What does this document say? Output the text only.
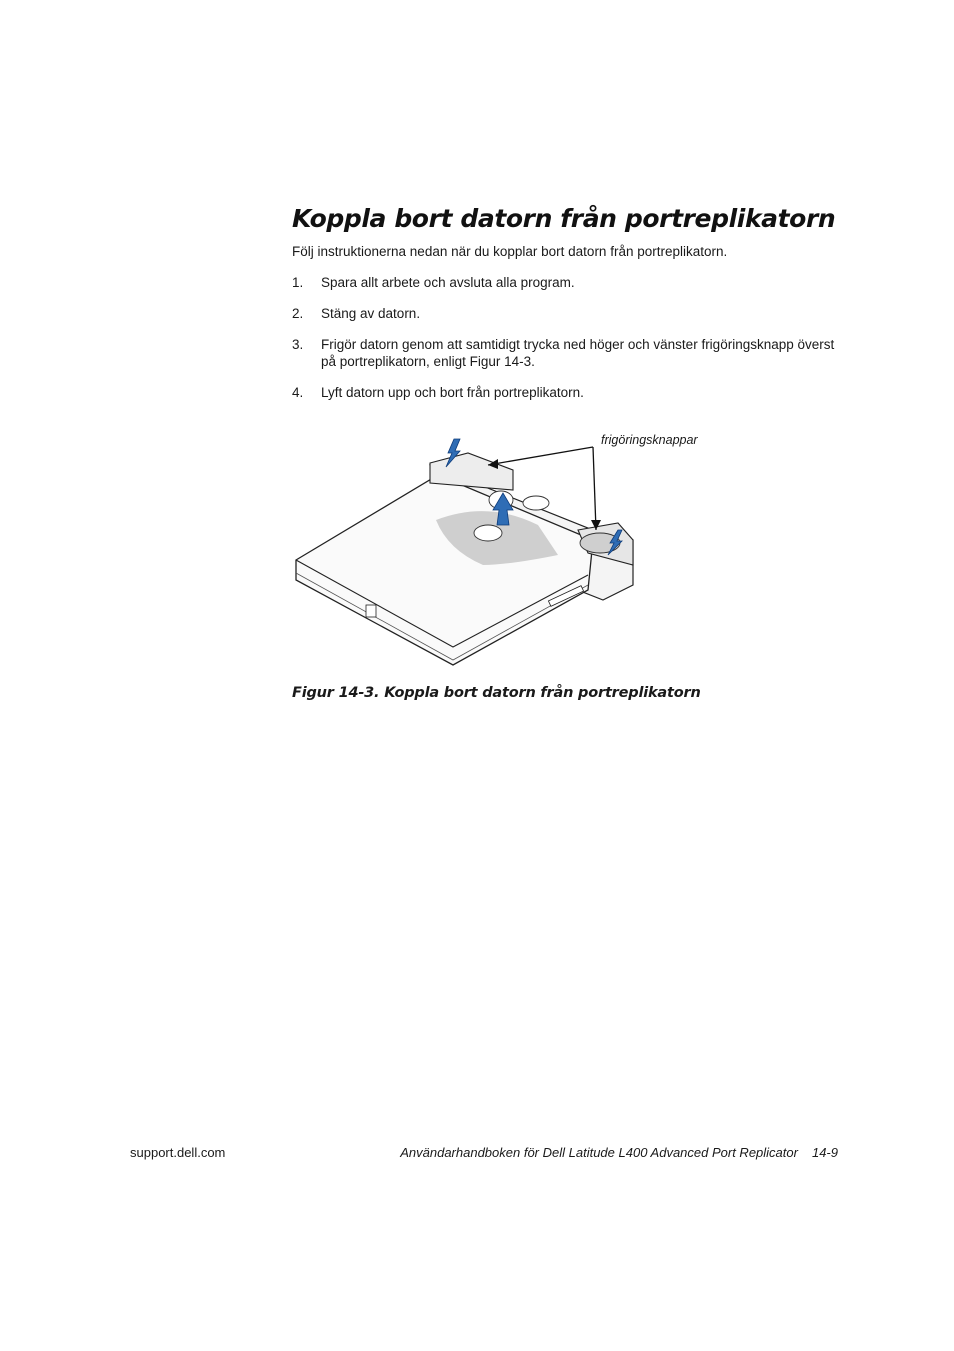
Koppla bort datorn från portreplikatorn

Följ instruktionerna nedan när du kopplar bort datorn från portreplikatorn.

1. Spara allt arbete och avsluta alla program.
2. Stäng av datorn.
3. Frigör datorn genom att samtidigt trycka ned höger och vänster frigöringsknapp överst på portreplikatorn, enligt Figur 14-3.
4. Lyft datorn upp och bort från portreplikatorn.
frigöringsknappar
Figur 14-3. Koppla bort datorn från portreplikatorn
support.dell.com	Användarhandboken för Dell Latitude L400 Advanced Port Replicator 14-9
